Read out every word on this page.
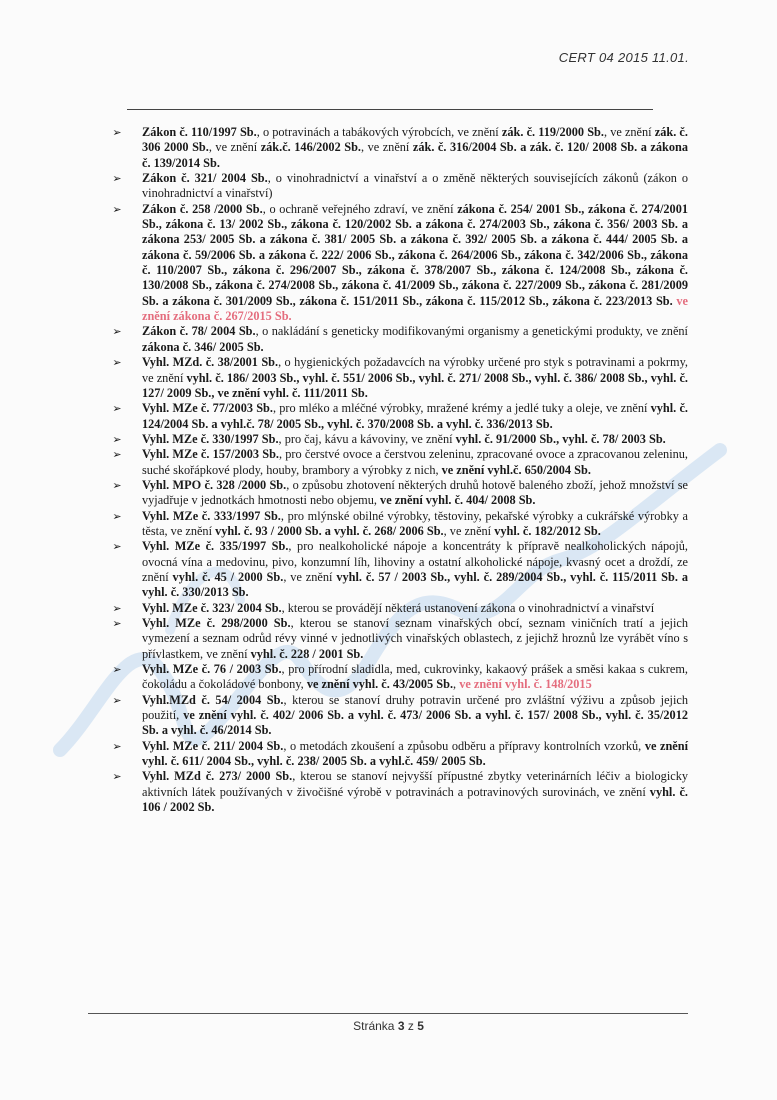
CERT 04 2015 11.01.
➢ Zákon č. 110/1997 Sb., o potravinách a tabákových výrobcích, ve znění zák. č. 119/2000 Sb., ve znění zák. č. 306 2000 Sb., ve znění zák.č. 146/2002 Sb., ve znění zák. č. 316/2004 Sb. a zák. č. 120/ 2008 Sb. a zákona č. 139/2014 Sb.
➢ Zákon č. 321/ 2004 Sb., o vinohradnictví a vinařství a o změně některých souvisejících zákonů (zákon o vinohradnictví a vinařství)
➢ Zákon č. 258 /2000 Sb., o ochraně veřejného zdraví, ve znění zákona č. 254/ 2001 Sb., zákona č. 274/2001 Sb., zákona č. 13/ 2002 Sb., zákona č. 120/2002 Sb. a zákona č. 274/2003 Sb., zákona č. 356/ 2003 Sb. a zákona 253/ 2005 Sb. a zákona č. 381/ 2005 Sb. a zákona č. 392/ 2005 Sb. a zákona č. 444/ 2005 Sb. a zákona č. 59/2006 Sb. a zákona č. 222/ 2006 Sb., zákona č. 264/2006 Sb., zákona č. 342/2006 Sb., zákona č. 110/2007 Sb., zákona č. 296/2007 Sb., zákona č. 378/2007 Sb., zákona č. 124/2008 Sb., zákona č. 130/2008 Sb., zákona č. 274/2008 Sb., zákona č. 41/2009 Sb., zákona č. 227/2009 Sb., zákona č. 281/2009 Sb. a zákona č. 301/2009 Sb., zákona č. 151/2011 Sb., zákona č. 115/2012 Sb., zákona č. 223/2013 Sb. ve znění zákona č. 267/2015 Sb.
➢ Zákon č. 78/ 2004 Sb., o nakládání s geneticky modifikovanými organismy a genetickými produkty, ve znění zákona č. 346/ 2005 Sb.
➢ Vyhl. MZd. č. 38/2001 Sb., o hygienických požadavcích na výrobky určené pro styk s potravinami a pokrmy, ve znění vyhl. č. 186/ 2003 Sb., vyhl. č. 551/ 2006 Sb., vyhl. č. 271/ 2008 Sb., vyhl. č. 386/ 2008 Sb., vyhl. č. 127/ 2009 Sb., ve znění vyhl. č. 111/2011 Sb.
➢ Vyhl. MZe č. 77/2003 Sb., pro mléko a mléčné výrobky, mražené krémy a jedlé tuky a oleje, ve znění vyhl. č. 124/2004 Sb. a vyhl.č. 78/ 2005 Sb., vyhl. č. 370/2008 Sb. a vyhl. č. 336/2013 Sb.
➢ Vyhl. MZe č. 330/1997 Sb., pro čaj, kávu a kávoviny, ve znění vyhl. č. 91/2000 Sb., vyhl. č. 78/ 2003 Sb.
➢ Vyhl. MZe č. 157/2003 Sb., pro čerstvé ovoce a čerstvou zeleninu, zpracované ovoce a zpracovanou zeleninu, suché skořápkové plody, houby, brambory a výrobky z nich, ve znění vyhl.č. 650/2004 Sb.
➢ Vyhl. MPO č. 328 /2000 Sb., o způsobu zhotovení některých druhů hotově baleného zboží, jehož množství se vyjadřuje v jednotkách hmotnosti nebo objemu, ve znění vyhl. č. 404/ 2008 Sb.
➢ Vyhl. MZe č. 333/1997 Sb., pro mlýnské obilné výrobky, těstoviny, pekařské výrobky a cukrářské výrobky a těsta, ve znění vyhl. č. 93 / 2000 Sb. a vyhl. č. 268/ 2006 Sb., ve znění vyhl. č. 182/2012 Sb.
➢ Vyhl. MZe č. 335/1997 Sb., pro nealkoholické nápoje a koncentráty k přípravě nealkoholických nápojů, ovocná vína a medovinu, pivo, konzumní líh, lihoviny a ostatní alkoholické nápoje, kvasný ocet a droždí, ze znění vyhl. č. 45 / 2000 Sb., ve znění vyhl. č. 57 / 2003 Sb., vyhl. č. 289/2004 Sb., vyhl. č. 115/2011 Sb. a vyhl. č. 330/2013 Sb.
➢ Vyhl. MZe č. 323/ 2004 Sb., kterou se provádějí některá ustanovení zákona o vinohradnictví a vinařství
➢ Vyhl. MZe č. 298/2000 Sb., kterou se stanoví seznam vinařských obcí, seznam viničních tratí a jejich vymezení a seznam odrůd révy vinné v jednotlivých vinařských oblastech, z jejichž hroznů lze vyrábět víno s přívlastkem, ve znění vyhl. č. 228 / 2001 Sb.
➢ Vyhl. MZe č. 76 / 2003 Sb., pro přírodní sladidla, med, cukrovinky, kakaový prášek a směsi kakaa s cukrem, čokoládu a čokoládové bonbony, ve znění vyhl. č. 43/2005 Sb., ve znění vyhl. č. 148/2015
➢ Vyhl.MZd č. 54/ 2004 Sb., kterou se stanoví druhy potravin určené pro zvláštní výživu a způsob jejich použití, ve znění vyhl. č. 402/ 2006 Sb. a vyhl. č. 473/ 2006 Sb. a vyhl. č. 157/ 2008 Sb., vyhl. č. 35/2012 Sb. a vyhl. č. 46/2014 Sb.
➢ Vyhl. MZe č. 211/ 2004 Sb., o metodách zkoušení a způsobu odběru a přípravy kontrolních vzorků, ve znění vyhl. č. 611/ 2004 Sb., vyhl. č. 238/ 2005 Sb. a vyhl.č. 459/ 2005 Sb.
➢ Vyhl. MZd č. 273/ 2000 Sb., kterou se stanoví nejvyšší přípustné zbytky veterinárních léčiv a biologicky aktivních látek používaných v živočišné výrobě v potravinách a potravinových surovinách, ve znění vyhl. č. 106 / 2002 Sb.
Stránka 3 z 5
